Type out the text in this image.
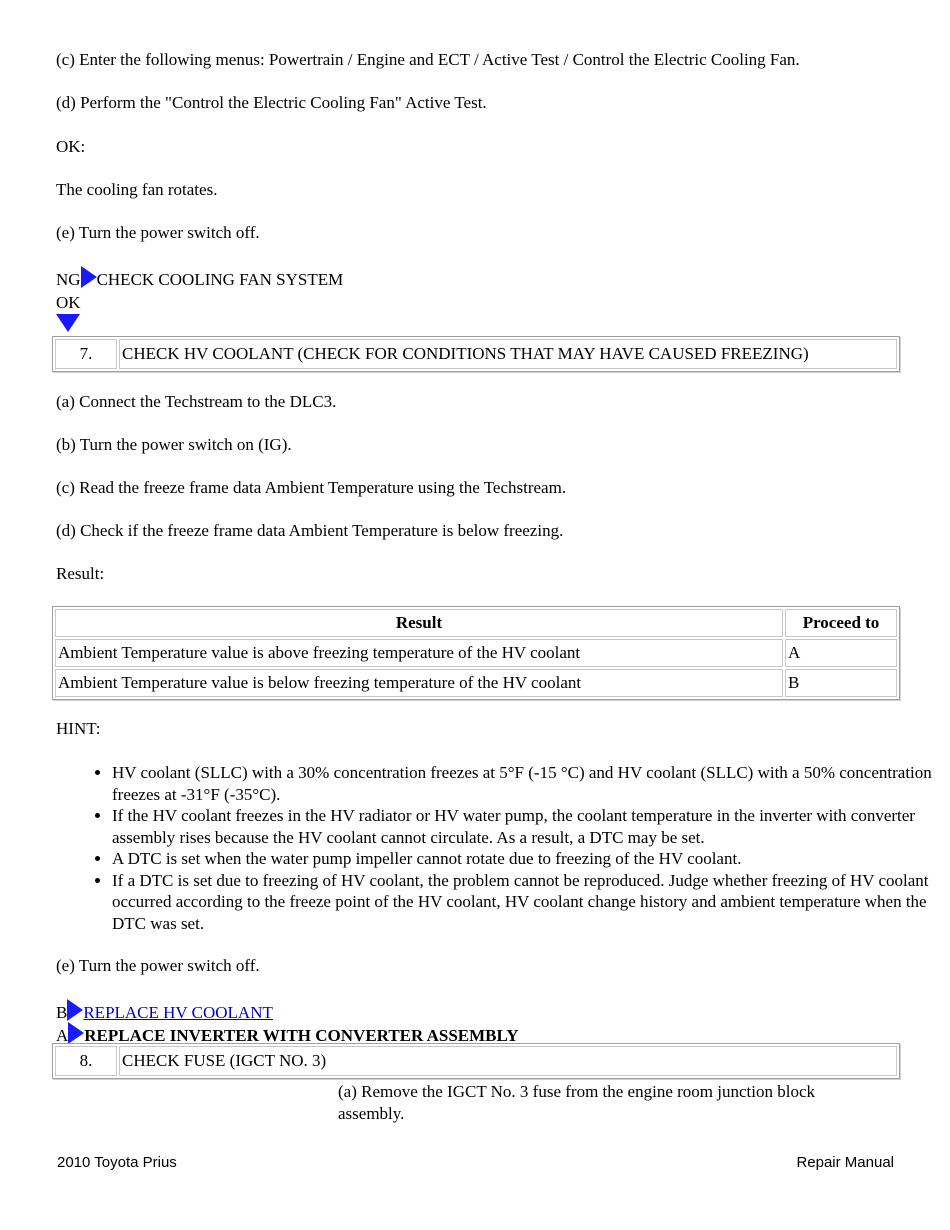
(c) Enter the following menus: Powertrain / Engine and ECT / Active Test / Control the Electric Cooling Fan.

(d) Perform the "Control the Electric Cooling Fan" Active Test.

OK:

The cooling fan rotates.

(e) Turn the power switch off.

NG CHECK COOLING FAN SYSTEM

OK

7.	CHECK HV COOLANT (CHECK FOR CONDITIONS THAT MAY HAVE CAUSED FREEZING)

(a) Connect the Techstream to the DLC3.

(b) Turn the power switch on (IG).

(c) Read the freeze frame data Ambient Temperature using the Techstream.

(d) Check if the freeze frame data Ambient Temperature is below freezing.

Result:

Result	Proceed to
Ambient Temperature value is above freezing temperature of the HV coolant	A
Ambient Temperature value is below freezing temperature of the HV coolant	B

HINT:

• HV coolant (SLLC) with a 30% concentration freezes at 5°F (-15 °C) and HV coolant (SLLC) with a 50% concentration freezes at -31°F (-35°C).
• If the HV coolant freezes in the HV radiator or HV water pump, the coolant temperature in the inverter with converter assembly rises because the HV coolant cannot circulate. As a result, a DTC may be set.
• A DTC is set when the water pump impeller cannot rotate due to freezing of the HV coolant.
• If a DTC is set due to freezing of HV coolant, the problem cannot be reproduced. Judge whether freezing of HV coolant occurred according to the freeze point of the HV coolant, HV coolant change history and ambient temperature when the DTC was set.

(e) Turn the power switch off.

B REPLACE HV COOLANT
A REPLACE INVERTER WITH CONVERTER ASSEMBLY
8.	CHECK FUSE (IGCT NO. 3)

(a) Remove the IGCT No. 3 fuse from the engine room junction block assembly.

2010 Toyota Prius	Repair Manual
